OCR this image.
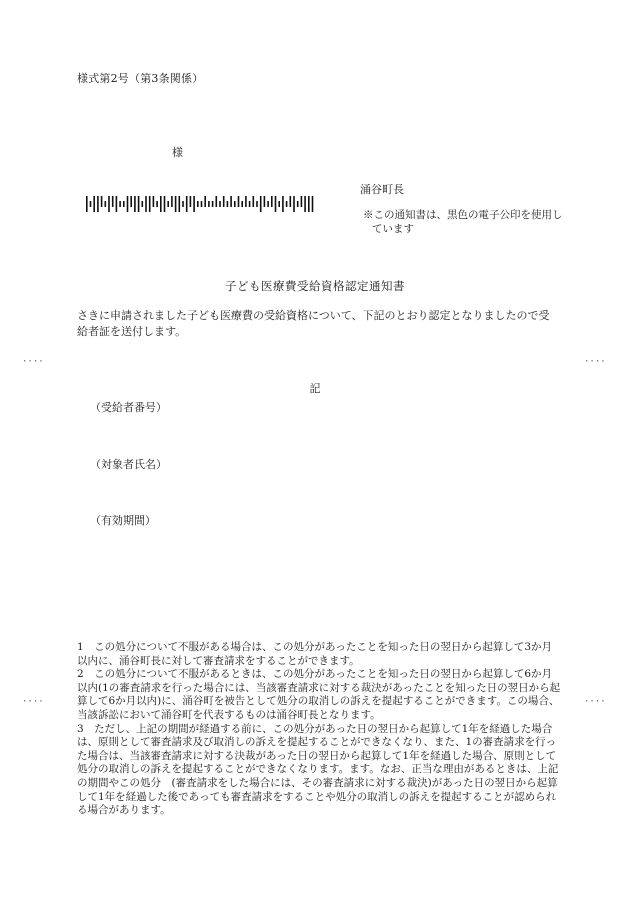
様式第2号（第3条関係）
様
涌谷町長
※この通知書は、黒色の電子公印を使用しています
子ども医療費受給資格認定通知書
さきに申請されました子ども医療費の受給資格について、下記のとおり認定となりましたので受給者証を送付します。
····	····
記
（受給者番号）
（対象者氏名）
（有効期間）

1　この処分について不服がある場合は、この処分があったことを知った日の翌日から起算して3か月以内に、涌谷町長に対して審査請求をすることができます。

2　この処分について不服があるときは、この処分があったことを知った日の翌日から起算して6か月以内(1の審査請求を行った場合には、当該審査請求に対する裁決があったことを知った日の翌日から起算して6か月以内)に、涌谷町を被告として処分の取消しの訴えを提起することができます。この場合、当該訴訟において涌谷町を代表するものは涌谷町長となります。

3　ただし、上記の期間が経過する前に、この処分があった日の翌日から起算して1年を経過した場合は、原則として審査請求及び取消しの訴えを提起することができなくなり、また、1の審査請求を行った場合は、当該審査請求に対する決裁があった日の翌日から起算して1年を経過した場合、原則として処分の取消しの訴えを提起することができなくなります。ます。なお、正当な理由があるときは、上記の期間やこの処分　(審査請求をした場合には、その審査請求に対する裁決)があった日の翌日から起算して1年を経過した後であっても審査請求をすることや処分の取消しの訴えを提起することが認められる場合があります。

····	····
